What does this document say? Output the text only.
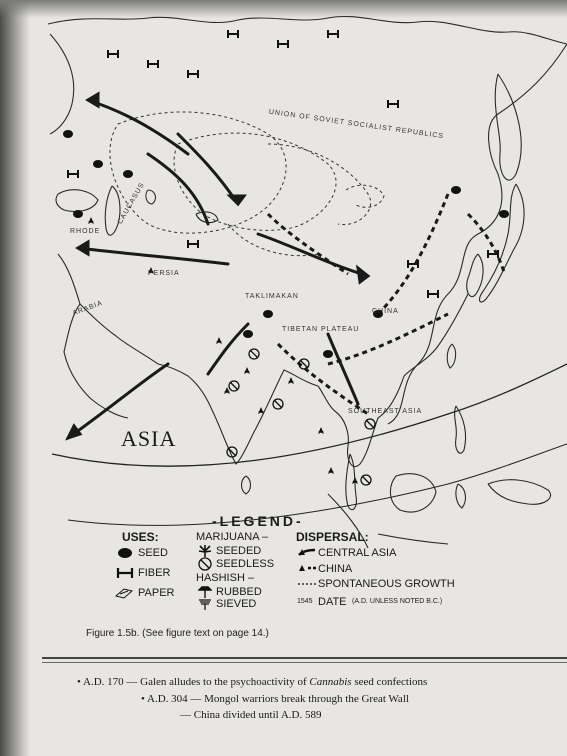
UNION OF SOVIET SOCIALIST REPUBLICS
TIBETAN PLATEAU
TAKLIMAKAN
CHINA
SOUTHEAST ASIA
ARABIA
PERSIA
CAUCASUS
RHODE
ASIA
-LEGEND-
USES:
SEED
FIBER
PAPER
MARIJUANA –
SEEDED
SEEDLESS
HASHISH –
RUBBED
SIEVED
DISPERSAL:
CENTRAL ASIA
CHINA
SPONTANEOUS GROWTH
1545 DATE (A.D. UNLESS NOTED B.C.)
Figure 1.5b. (See figure text on page 14.)
• A.D. 170 — Galen alludes to the psychoactivity of Cannabis seed confections
• A.D. 304 — Mongol warriors break through the Great Wall
— China divided until A.D. 589
